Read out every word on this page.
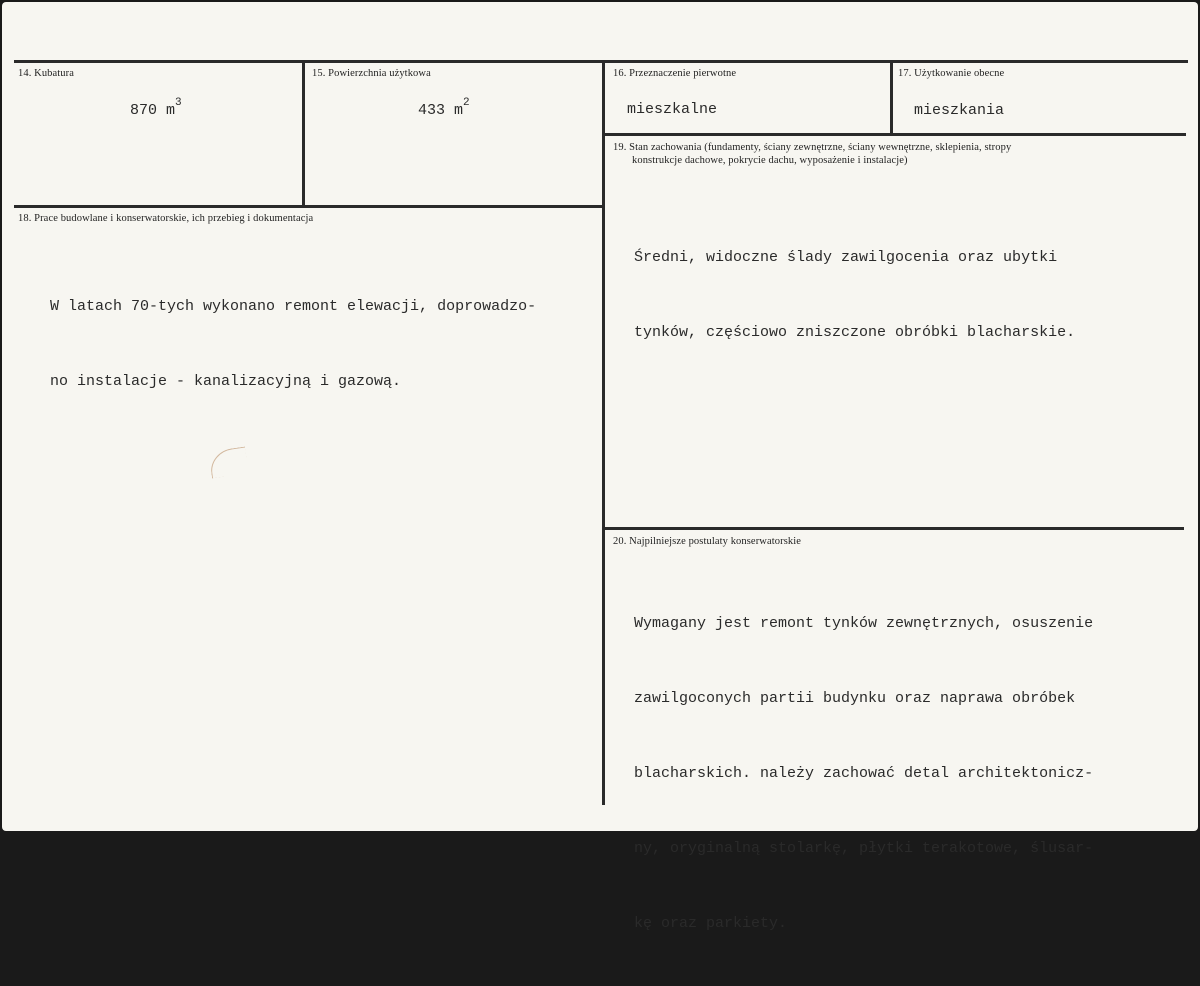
14. Kubatura
870 $m^3$
15. Powierzchnia użytkowa
433 $m^2$
16. Przeznaczenie pierwotne
mieszkalne
17. Użytkowanie obecne
mieszkania
18. Prace budowlane i konserwatorskie, ich przebieg i dokumentacja

W latach 70-tych wykonano remont elewacji, doprowadzo-

no instalacje - kanalizacyjną i gazową.

19. Stan zachowania (fundamenty, ściany zewnętrzne, ściany wewnętrzne, sklepienia, stropy
konstrukcje dachowe, pokrycie dachu, wyposażenie i instalacje)

Średni, widoczne ślady zawilgocenia oraz ubytki

tynków, częściowo zniszczone obróbki blacharskie.

20. Najpilniejsze postulaty konserwatorskie

Wymagany jest remont tynków zewnętrznych, osuszenie

zawilgoconych partii budynku oraz naprawa obróbek

blacharskich. należy zachować detal architektonicz-

ny, oryginalną stolarkę, płytki terakotowe, ślusar-

kę oraz parkiety.
